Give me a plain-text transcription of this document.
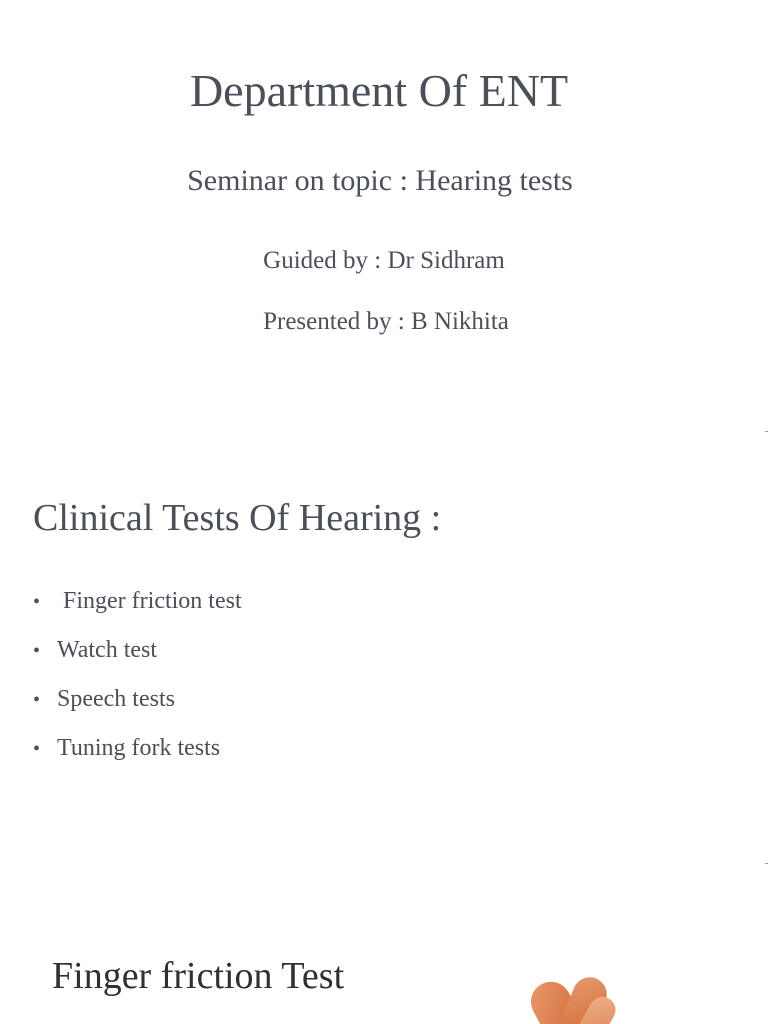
Department Of ENT

Seminar on topic : Hearing tests

Guided by : Dr Sidhram

Presented by : B Nikhita

Clinical Tests Of Hearing :
• Finger friction test
• Watch test
• Speech tests
• Tuning fork tests
Finger friction Test
